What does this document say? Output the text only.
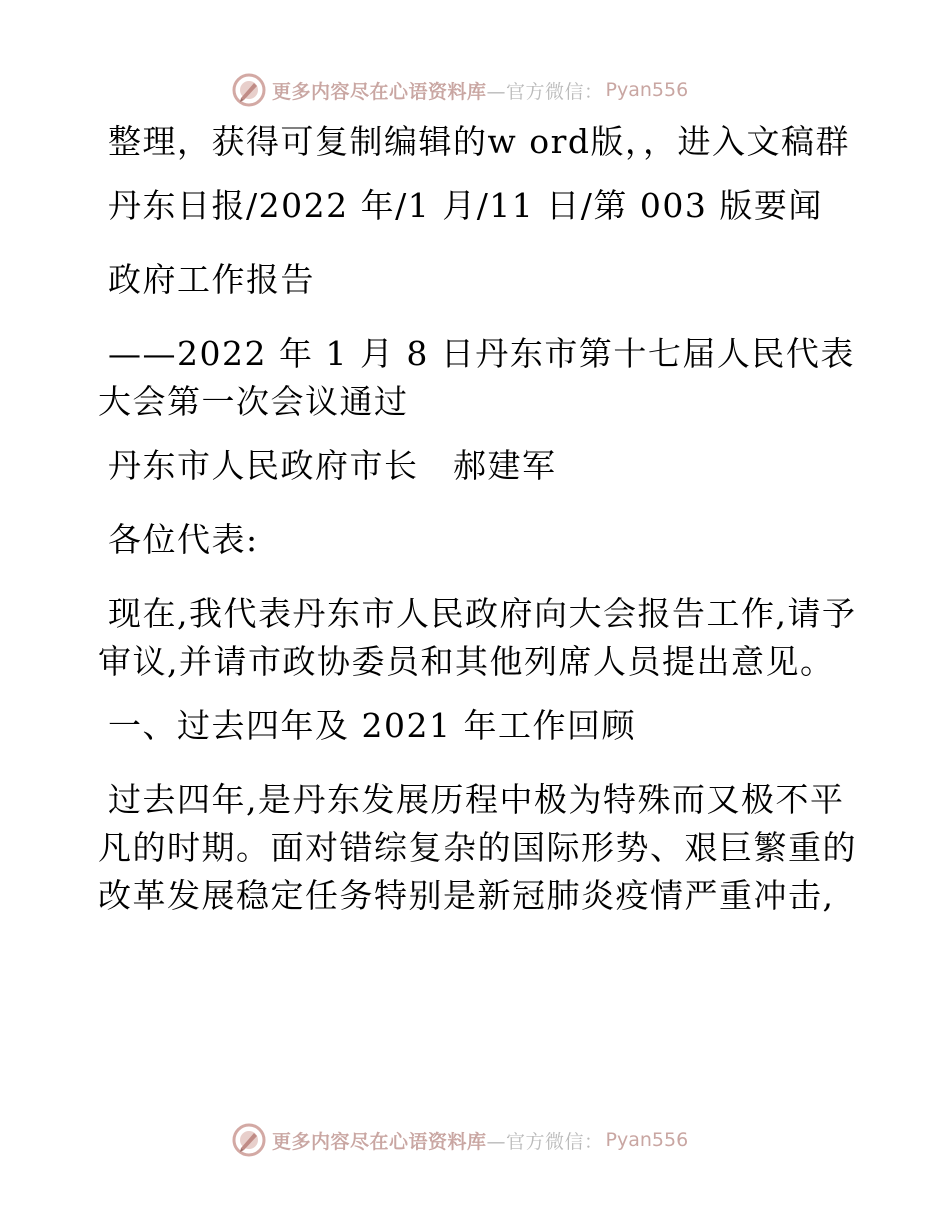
更多内容尽在心语资料库 —官方微信： Pyan556

整理，获得可复制编辑的w ord版，，进入文稿群

丹东日报/2022 年/1 月/11 日/第 003 版要闻

政府工作报告

——2022 年 1 月 8 日丹东市第十七届人民代表大会第一次会议通过

丹东市人民政府市长　郝建军

各位代表:

现在,我代表丹东市人民政府向大会报告工作,请予审议,并请市政协委员和其他列席人员提出意见。

一、过去四年及 2021 年工作回顾

过去四年,是丹东发展历程中极为特殊而又极不平凡的时期。面对错综复杂的国际形势、艰巨繁重的改革发展稳定任务特别是新冠肺炎疫情严重冲击,

更多内容尽在心语资料库 —官方微信： Pyan556
